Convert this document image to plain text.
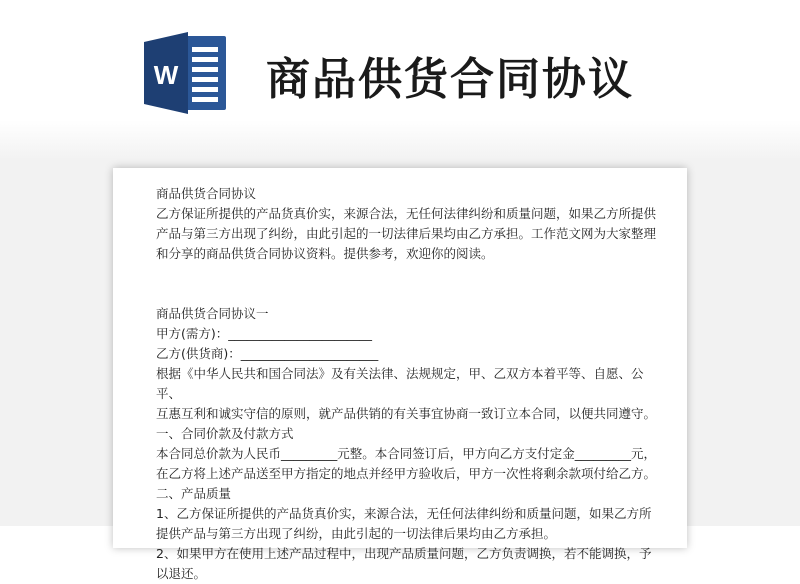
W 商品供货合同协议
商品供货合同协议
乙方保证所提供的产品货真价实，来源合法，无任何法律纠纷和质量问题，如果乙方所提供
产品与第三方出现了纠纷，由此引起的一切法律后果均由乙方承担。工作范文网为大家整理
和分享的商品供货合同协议资料。提供参考，欢迎你的阅读。
商品供货合同协议一
甲方(需方)：_______________________
乙方(供货商)：______________________
根据《中华人民共和国合同法》及有关法律、法规规定，甲、乙双方本着平等、自愿、公平、
互惠互利和诚实守信的原则，就产品供销的有关事宜协商一致订立本合同，以便共同遵守。
一、合同价款及付款方式
本合同总价款为人民币_________元整。本合同签订后，甲方向乙方支付定金_________元，
在乙方将上述产品送至甲方指定的地点并经甲方验收后，甲方一次性将剩余款项付给乙方。
二、产品质量
1、乙方保证所提供的产品货真价实，来源合法，无任何法律纠纷和质量问题，如果乙方所
提供产品与第三方出现了纠纷，由此引起的一切法律后果均由乙方承担。
2、如果甲方在使用上述产品过程中，出现产品质量问题，乙方负责调换，若不能调换，予
以退还。
